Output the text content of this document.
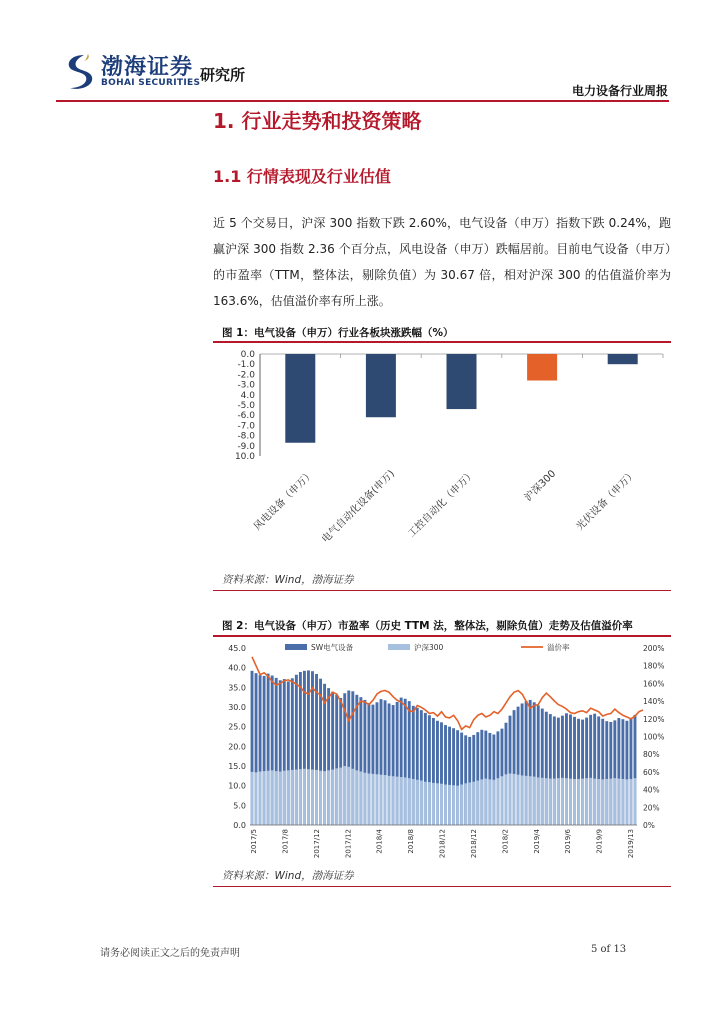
渤海证券
BOHAI SECURITIES 研究所
电力设备行业周报
1. 行业走势和投资策略
1.1 行情表现及行业估值
近 5 个交易日，沪深 300 指数下跌 2.60%，电气设备（申万）指数下跌 0.24%，跑赢沪深 300 指数 2.36 个百分点，风电设备（申万）跌幅居前。目前电气设备（申万）的市盈率（TTM，整体法，剔除负值）为 30.67 倍，相对沪深 300 的估值溢价率为 163.6%，估值溢价率有所上涨。
图 1：电气设备（申万）行业各板块涨跌幅（%）
0.0
-1.0
-2.0
-3.0
4.0
-5.0
-6.0
-7.0
-8.0
-9.0
10.0
风电设备（申万） 电气自动化设备(申万) 工控自动化（申万）	沪深300 光伏设备（申万）
资料来源：Wind，渤海证券
图 2：电气设备（申万）市盈率（历史 TTM 法，整体法，剔除负值）走势及估值溢价率
0.0
5.0
10.0
15.0
20.0
25.0
30.0
35.0
40.0
45.0
0%
20%
40%
60%
80%
100%
120%
140%
160%
180%
200%
SW电气设备	沪深300	溢价率
2017/5	2017/8	2017/12	2017/12	2018/4	2018/8	2018/12	2018/12	2018/2	2019/4	2019/6	2019/9	2019/13
资料来源：Wind，渤海证券
请务必阅读正文之后的免责声明	5 of 13
